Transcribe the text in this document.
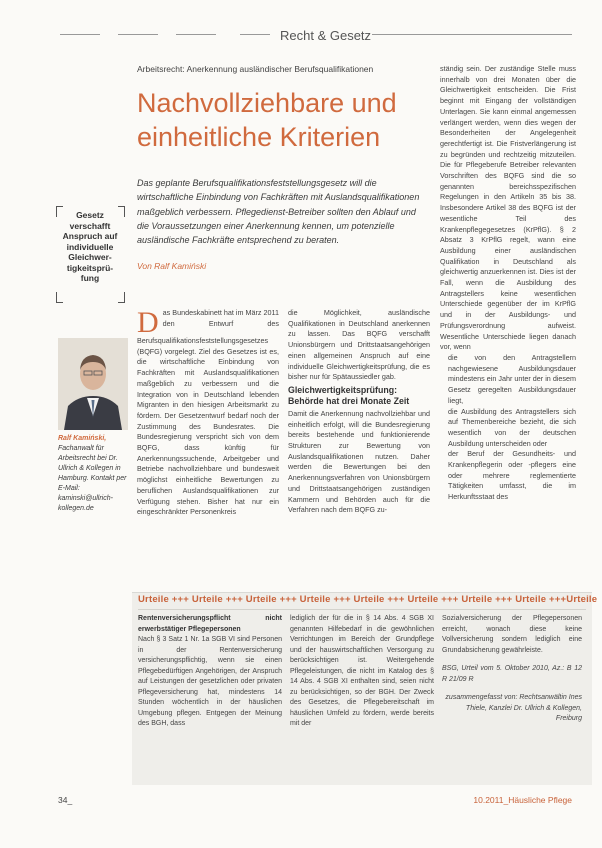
Recht & Gesetz
Arbeitsrecht: Anerkennung ausländischer Berufsqualifikationen
Nachvollziehbare und
einheitliche Kriterien
Das geplante Berufsqualifikationsfeststellungsgesetz will die wirtschaftliche Einbindung von Fachkräften mit Auslandsqualifikationen maßgeblich verbessern. Pflegedienst-Betreiber sollten den Ablauf und die Voraussetzungen einer Anerkennung kennen, um potenzielle ausländische Fachkräfte entsprechend zu beraten.
Von Ralf Kamiński
Gesetz
verschafft
Anspruch auf
individuelle
Gleichwer-
tigkeitsprü-
fung
Ralf Kamiński, Fachanwalt für Arbeitsrecht bei Dr. Ullrich & Kollegen in Hamburg. Kontakt per E-Mail: kaminski@ullrich-kollegen.de
D as Bundeskabinett hat im März 2011 den Entwurf des Berufsqualifikationsfeststellungsgesetzes (BQFG) vorgelegt. Ziel des Gesetzes ist es, die wirtschaftliche Einbindung von Fachkräften mit Auslandsqualifikationen maßgeblich zu verbessern und die Integration von in Deutschland lebenden Migranten in den hiesigen Arbeitsmarkt zu fördern. Der Gesetzentwurf bedarf noch der Zustimmung des Bundesrates. Die Bundesregierung verspricht sich von dem BQFG, dass künftig für Anerkennungssuchende, Arbeitgeber und Betriebe nachvollziehbare und bundesweit möglichst einheitliche Bewertungen zu beruflichen Auslandsqualifikationen zur Verfügung stehen. Bisher hat nur ein eingeschränkter Personenkreis
die Möglichkeit, ausländische Qualifikationen in Deutschland anerkennen zu lassen. Das BQFG verschafft Unionsbürgern und Drittstaatsangehörigen einen allgemeinen Anspruch auf eine individuelle Gleichwertigkeitsprüfung, die es bisher nur für Spätaussiedler gab.
Gleichwertigkeitsprüfung: Behörde hat drei Monate Zeit
Damit die Anerkennung nachvollziehbar und einheitlich erfolgt, will die Bundesregierung bereits bestehende und funktionierende Strukturen zur Bewertung von Auslandsqualifikationen nutzen. Daher werden die Bewertungen bei den Anerkennungsverfahren von Unionsbürgern und Drittstaatsangehörigen zuständigen Kammern und Behörden auch für die Verfahren nach dem BQFG zu-
ständig sein. Der zuständige Stelle muss innerhalb von drei Monaten über die Gleichwertigkeit entscheiden. Die Frist beginnt mit Eingang der vollständigen Unterlagen. Sie kann einmal angemessen verlängert werden, wenn dies wegen der Besonderheiten der Angelegenheit gerechtfertigt ist. Die Fristverlängerung ist zu begründen und rechtzeitig mitzuteilen. Die für Pflegeberufe Betreiber relevanten Vorschriften des BQFG sind die so genannten bereichsspezifischen Regelungen in den Artikeln 35 bis 38. Insbesondere Artikel 38 des BQFG ist der wesentliche Teil des Krankenpflegegesetzes (KrPflG). § 2 Absatz 3 KrPflG regelt, wann eine Ausbildung einer ausländischen Qualifikation in Deutschland als gleichwertig anzuerkennen ist. Dies ist der Fall, wenn die Ausbildung des Antragstellers keine wesentlichen Unterschiede gegenüber der im KrPflG und in der Ausbildungs- und Prüfungsverordnung aufweist. Wesentliche Unterschiede liegen danach vor, wenn
• die von den Antragstellern nachgewiesene Ausbildungsdauer mindestens ein Jahr unter der in diesem Gesetz geregelten Ausbildungsdauer liegt,
• die Ausbildung des Antragstellers sich auf Themenbereiche bezieht, die sich wesentlich von der deutschen Ausbildung unterscheiden oder
• der Beruf der Gesundheits- und Krankenpflegerin oder -pflegers eine oder mehrere reglementierte Tätigkeiten umfasst, die im Herkunftsstaat des
Urteile +++ Urteile +++ Urteile +++ Urteile +++ Urteile +++ Urteile +++ Urteile +++ Urteile +++Urteile
Rentenversicherungspflicht nicht erwerbstätiger Pflegepersonen
Nach § 3 Satz 1 Nr. 1a SGB VI sind Personen in der Rentenversicherung versicherungspflichtig, wenn sie einen Pflegebedürftigen Angehörigen, der Anspruch auf Leistungen der gesetzlichen oder privaten Pflegeversicherung hat, mindestens 14 Stunden wöchentlich in der häuslichen Umgebung pflegen. Entgegen der Meinung des BGH, dass
lediglich der für die in § 14 Abs. 4 SGB XI genannten Hilfebedarf in die gewöhnlichen Verrichtungen im Bereich der Grundpflege und der hauswirtschaftlichen Versorgung zu berücksichtigen ist. Weitergehende Pflegeleistungen, die nicht im Katalog des § 14 Abs. 4 SGB XI enthalten sind, seien nicht zu berücksichtigen, so der BGH. Der Zweck des Gesetzes, die Pflegebereitschaft im häuslichen Umfeld zu fördern, werde bereits mit der
Sozialversicherung der Pflegepersonen erreicht, wonach diese keine Vollversicherung sondern lediglich eine Grundabsicherung gewährleiste.
BSG, Urteil vom 5. Oktober 2010, Az.: B 12 R 21/09 R
zusammengefasst von: Rechtsanwältin Ines Thiele, Kanzlei Dr. Ullrich & Kollegen, Freiburg
34_	10.2011_Häusliche Pflege
